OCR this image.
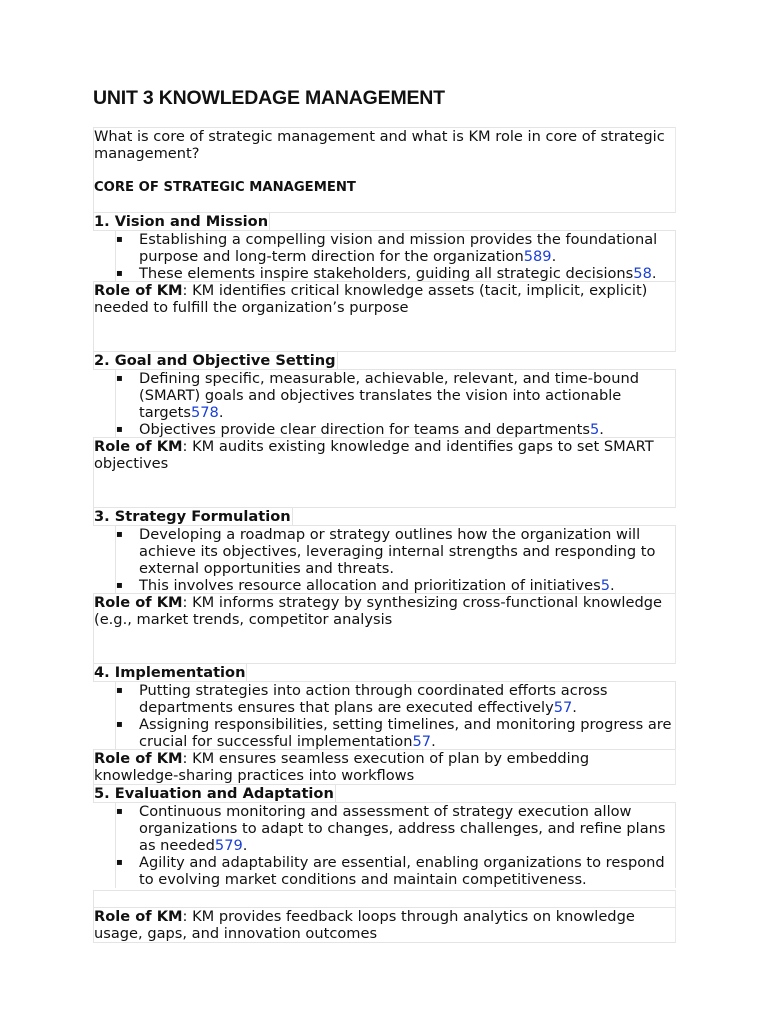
UNIT 3 KNOWLEDAGE MANAGEMENT
What is core of strategic management and what is KM role in core of strategic management?
CORE OF STRATEGIC MANAGEMENT
1. Vision and Mission
▪ Establishing a compelling vision and mission provides the foundational purpose and long-term direction for the organization589.
▪ These elements inspire stakeholders, guiding all strategic decisions58.
Role of KM: KM identifies critical knowledge assets (tacit, implicit, explicit) needed to fulfill the organization’s purpose
2. Goal and Objective Setting
▪ Defining specific, measurable, achievable, relevant, and time-bound (SMART) goals and objectives translates the vision into actionable targets578.
▪ Objectives provide clear direction for teams and departments5.
Role of KM: KM audits existing knowledge and identifies gaps to set SMART objectives
3. Strategy Formulation
▪ Developing a roadmap or strategy outlines how the organization will achieve its objectives, leveraging internal strengths and responding to external opportunities and threats.
▪ This involves resource allocation and prioritization of initiatives5.
Role of KM: KM informs strategy by synthesizing cross-functional knowledge (e.g., market trends, competitor analysis
4. Implementation
▪ Putting strategies into action through coordinated efforts across departments ensures that plans are executed effectively57.
▪ Assigning responsibilities, setting timelines, and monitoring progress are crucial for successful implementation57.
Role of KM: KM ensures seamless execution of plan by embedding knowledge-sharing practices into workflows
5. Evaluation and Adaptation
▪ Continuous monitoring and assessment of strategy execution allow organizations to adapt to changes, address challenges, and refine plans as needed579.
▪ Agility and adaptability are essential, enabling organizations to respond to evolving market conditions and maintain competitiveness.
Role of KM: KM provides feedback loops through analytics on knowledge usage, gaps, and innovation outcomes
